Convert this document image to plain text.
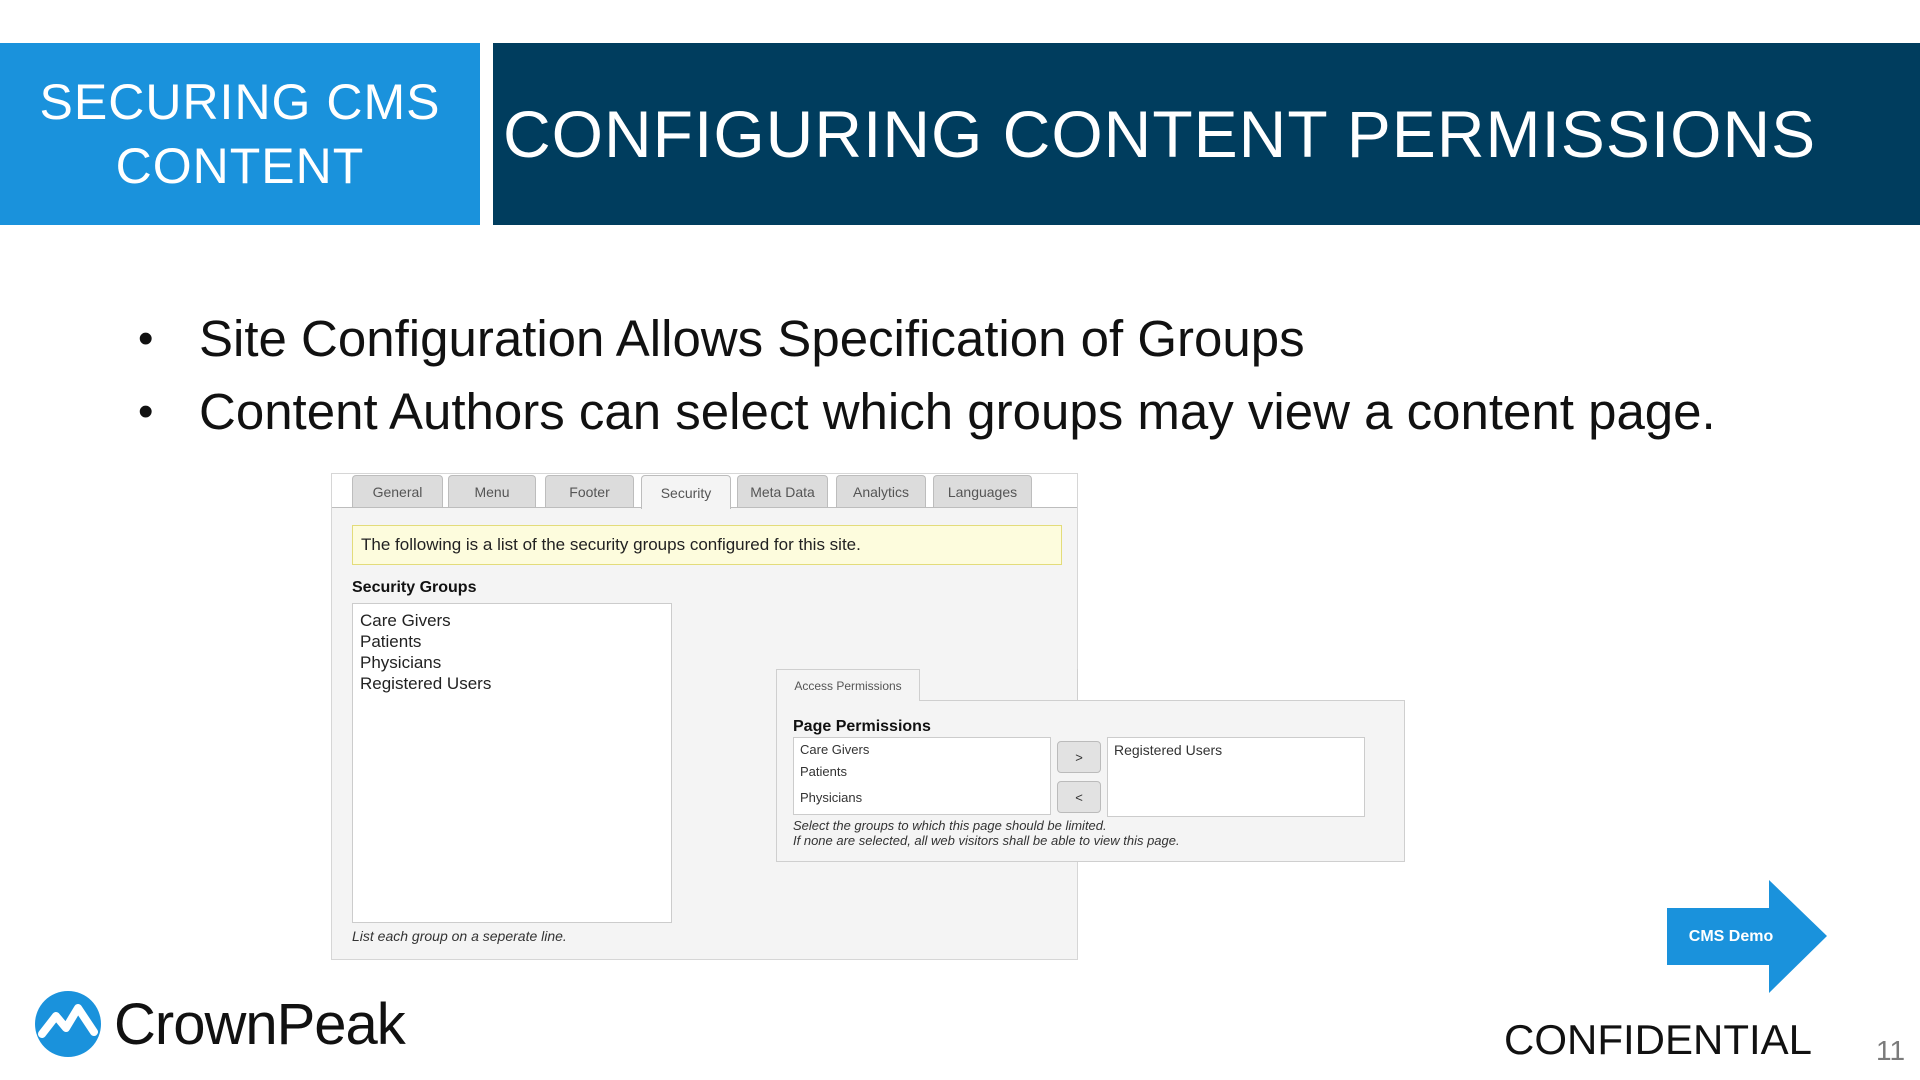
SECURING CMS
CONTENT	CONFIGURING CONTENT PERMISSIONS
• Site Configuration Allows Specification of Groups
• Content Authors can select which groups may view a content page.
General	Menu	Footer	Security	Meta Data	Analytics	Languages
The following is a list of the security groups configured for this site.
Security Groups
Care Givers
Patients
Physicians
Registered Users
List each group on a seperate line.
Access Permissions
Page Permissions
Care Givers
Patients
Physicians
>
<
Registered Users
Select the groups to which this page should be limited.
If none are selected, all web visitors shall be able to view this page.
CMS Demo
CrownPeak	CONFIDENTIAL 11
